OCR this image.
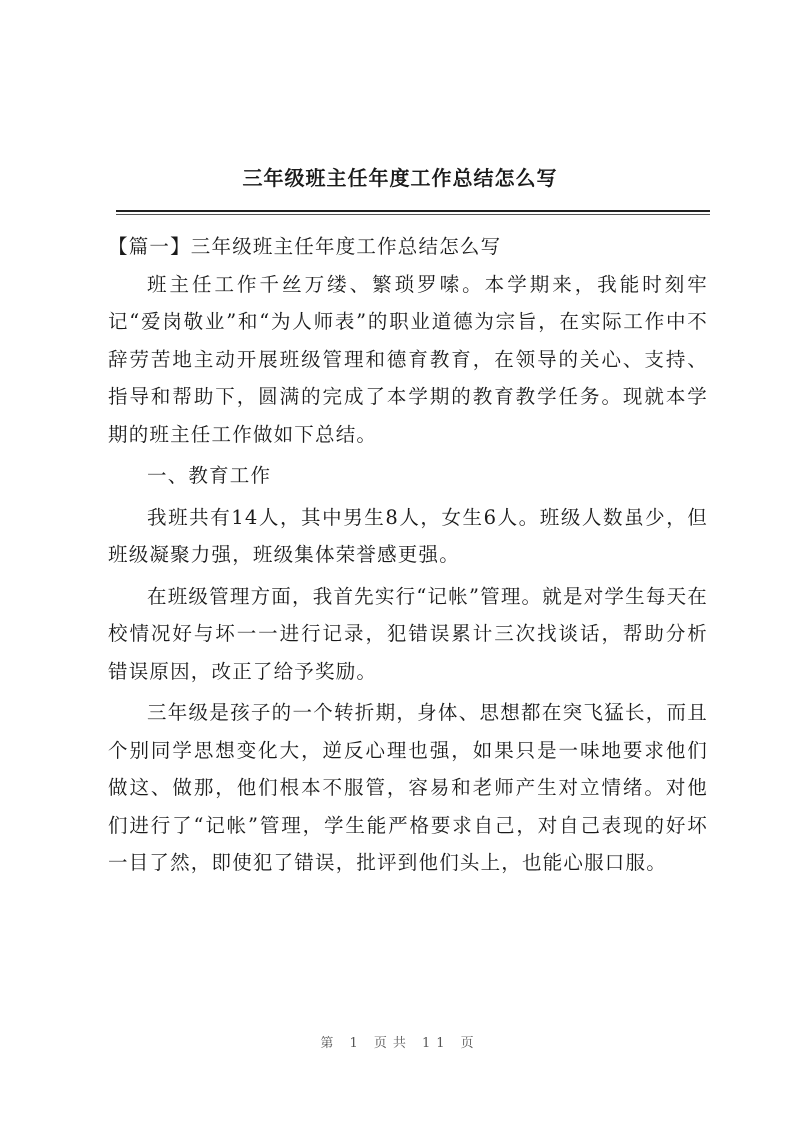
三年级班主任年度工作总结怎么写

【篇一】三年级班主任年度工作总结怎么写

班主任工作千丝万缕、繁琐罗嗦。本学期来，我能时刻牢记“爱岗敬业”和“为人师表”的职业道德为宗旨，在实际工作中不辞劳苦地主动开展班级管理和德育教育，在领导的关心、支持、指导和帮助下，圆满的完成了本学期的教育教学任务。现就本学期的班主任工作做如下总结。

一、教育工作

我班共有14人，其中男生8人，女生6人。班级人数虽少，但班级凝聚力强，班级集体荣誉感更强。

在班级管理方面，我首先实行“记帐”管理。就是对学生每天在校情况好与坏一一进行记录，犯错误累计三次找谈话，帮助分析错误原因，改正了给予奖励。

三年级是孩子的一个转折期，身体、思想都在突飞猛长，而且个别同学思想变化大，逆反心理也强，如果只是一味地要求他们做这、做那，他们根本不服管，容易和老师产生对立情绪。对他们进行了“记帐”管理，学生能严格要求自己，对自己表现的好坏一目了然，即使犯了错误，批评到他们头上，也能心服口服。

第 1 页共 11 页
